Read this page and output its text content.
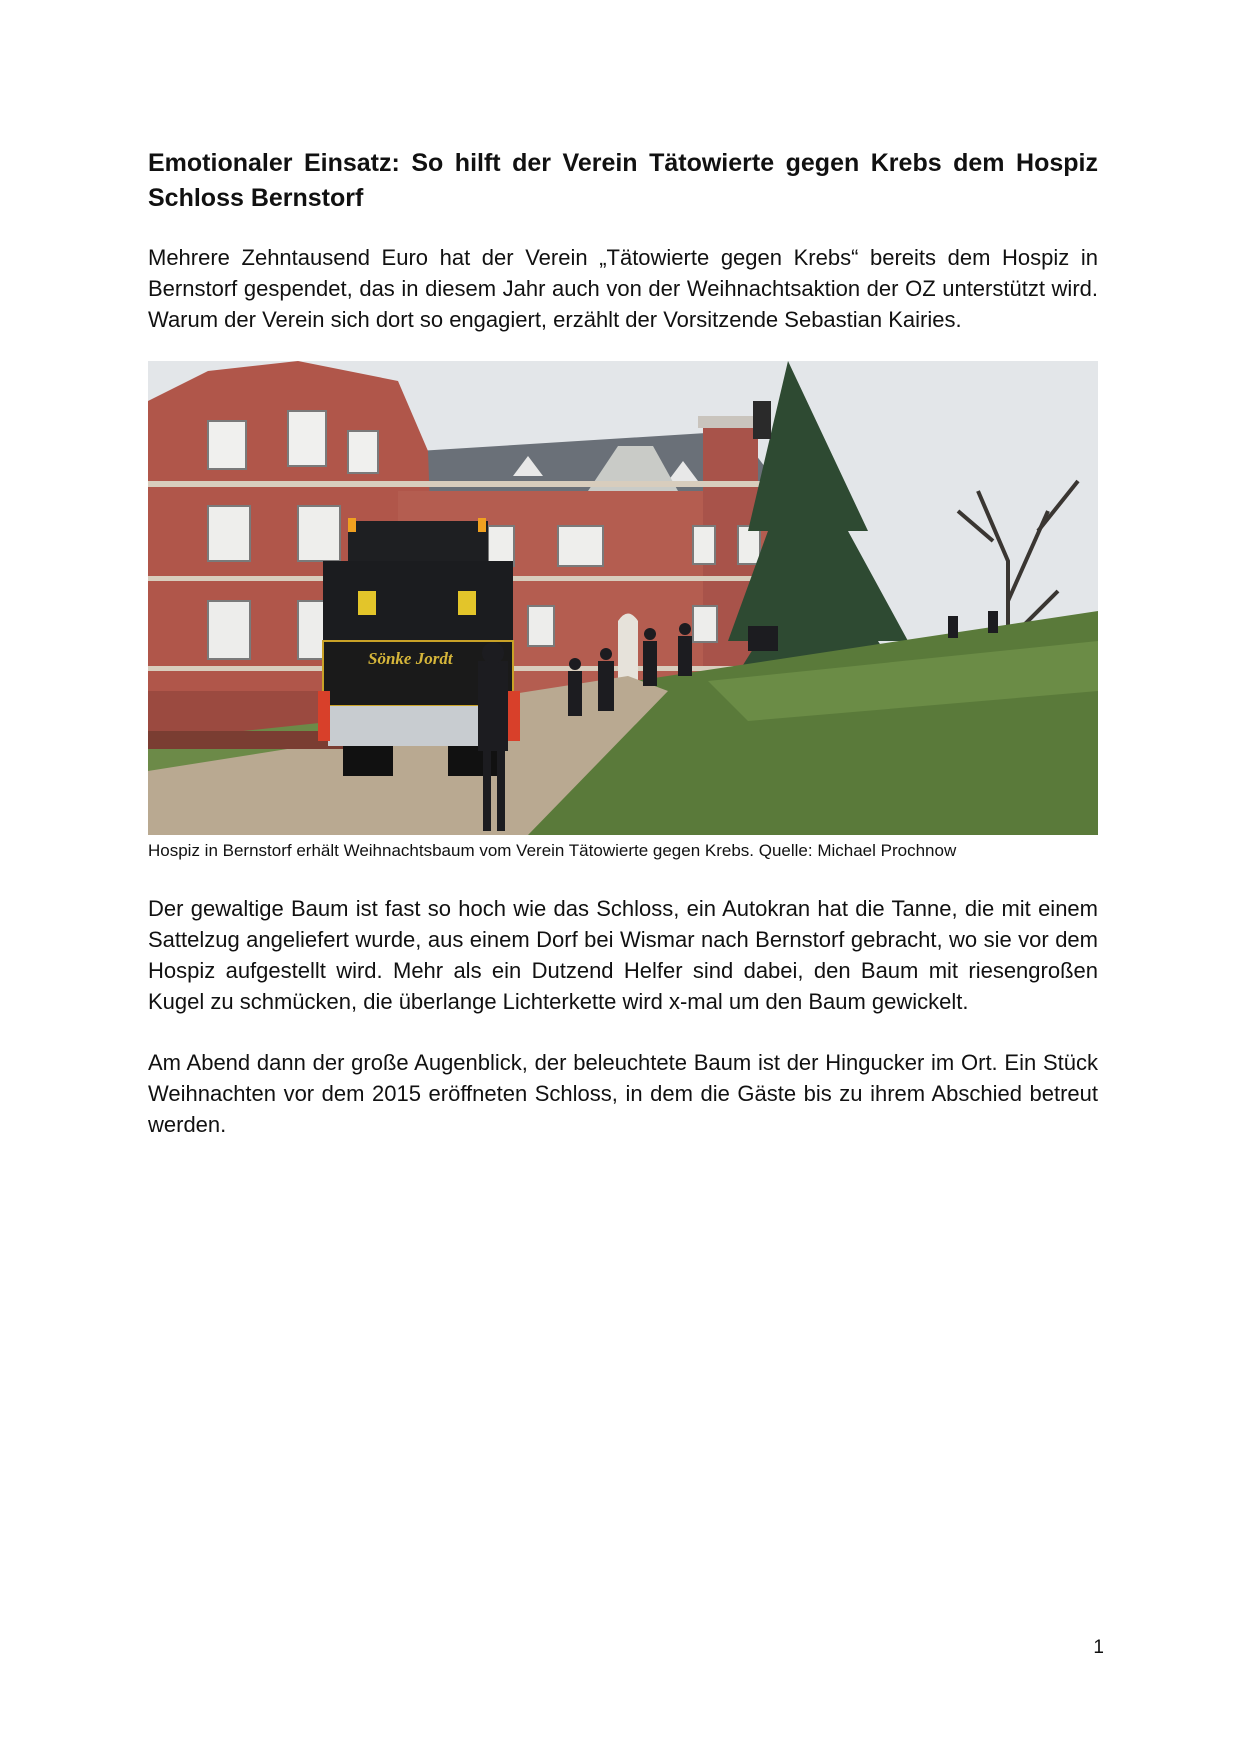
Emotionaler Einsatz: So hilft der Verein Tätowierte gegen Krebs dem Hospiz Schloss Bernstorf

Mehrere Zehntausend Euro hat der Verein „Tätowierte gegen Krebs“ bereits dem Hospiz in Bernstorf gespendet, das in diesem Jahr auch von der Weihnachtsaktion der OZ unterstützt wird. Warum der Verein sich dort so engagiert, erzählt der Vorsitzende Sebastian Kairies.

Sönke Jordt
Hospiz in Bernstorf erhält Weihnachtsbaum vom Verein Tätowierte gegen Krebs. Quelle: Michael Prochnow

Der gewaltige Baum ist fast so hoch wie das Schloss, ein Autokran hat die Tanne, die mit einem Sattelzug angeliefert wurde, aus einem Dorf bei Wismar nach Bernstorf gebracht, wo sie vor dem Hospiz aufgestellt wird. Mehr als ein Dutzend Helfer sind dabei, den Baum mit riesengroßen Kugel zu schmücken, die überlange Lichterkette wird x-mal um den Baum gewickelt.

Am Abend dann der große Augenblick, der beleuchtete Baum ist der Hingucker im Ort. Ein Stück Weihnachten vor dem 2015 eröffneten Schloss, in dem die Gäste bis zu ihrem Abschied betreut werden.

1
